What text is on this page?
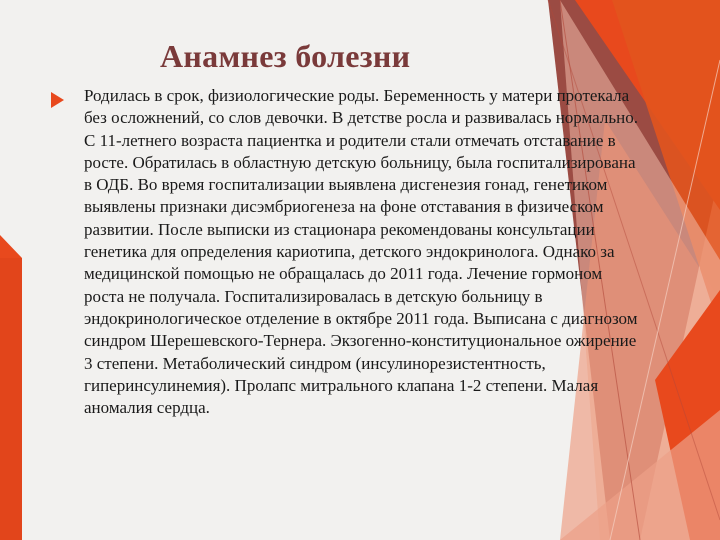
Анамнез болезни

Родилась в срок, физиологические роды. Беременность у матери протекала без осложнений, со слов девочки. В детстве росла и развивалась нормально. С 11-летнего возраста пациентка и родители стали отмечать отставание в росте. Обратилась в областную детскую больницу, была госпитализирована в ОДБ. Во время госпитализации выявлена дисгенезия гонад, генетиком выявлены признаки дисэмбриогенеза на фоне отставания в физическом развитии. После выписки из стационара рекомендованы консультации генетика для определения кариотипа, детского эндокринолога. Однако за медицинской помощью не обращалась до 2011 года. Лечение гормоном роста не получала. Госпитализировалась в детскую больницу в эндокринологическое отделение в октябре 2011 года. Выписана с диагнозом синдром Шерешевского-Тернера. Экзогенно-конституциональное ожирение 3 степени. Метаболический синдром (инсулинорезистентность, гиперинсулинемия). Пролапс митрального клапана 1-2 степени. Малая аномалия сердца.
